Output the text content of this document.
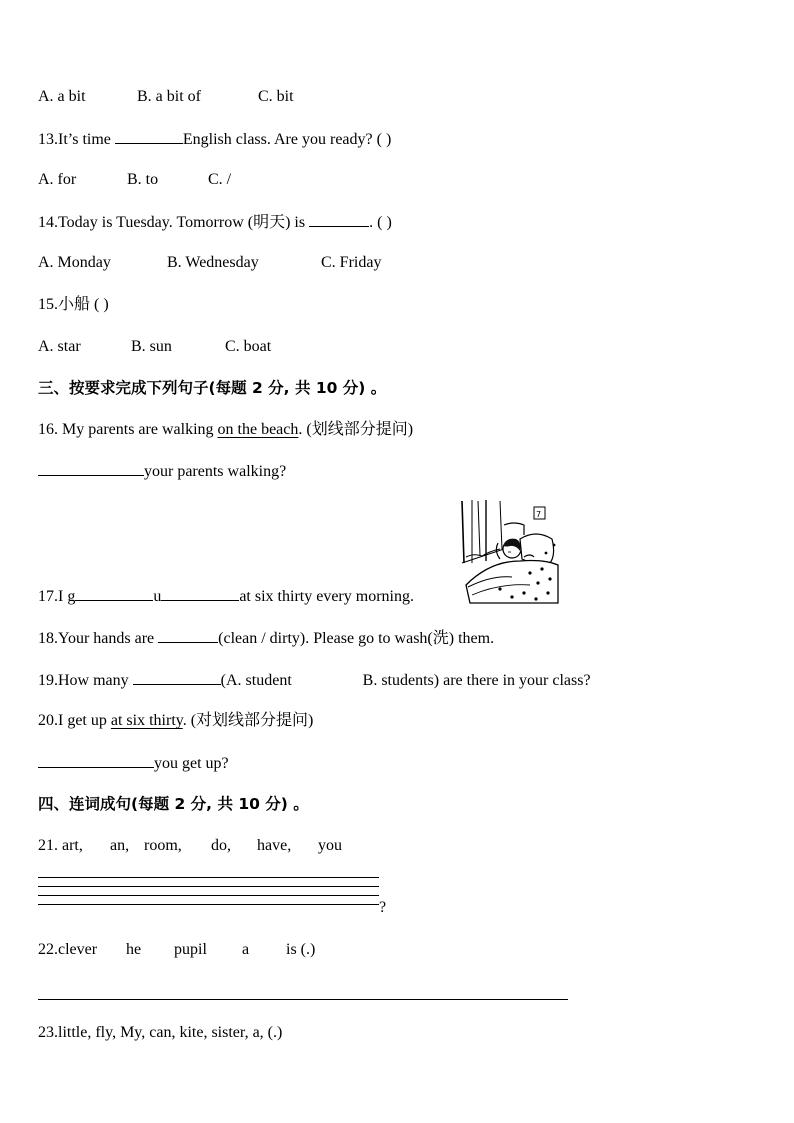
A. a bit	B. a bit of	C. bit
13.It’s time	English class. Are you ready? ( )
A. for	B. to	C. /
14.Today is Tuesday. Tomorrow (明天) is	. ( )
A. Monday	B. Wednesday	C. Friday
15.小船 ( )
A. star	B. sun	C. boat
三、按要求完成下列句子(每题 2 分, 共 10 分) 。
16. My parents are walking on the beach. (划线部分提问)
your parents walking?
7
17.I g	u	at six thirty every morning.
18.Your hands are	(clean / dirty). Please go to wash(洗) them.
19.How many	(A. student	B. students) are there in your class?
20.I get up at six thirty. (对划线部分提问)
you get up?
四、连词成句(每题 2 分, 共 10 分) 。
21. art, an, room, do, have, you
?
22.clever he pupil a is (.)
23.little, fly, My, can, kite, sister, a, (.)
